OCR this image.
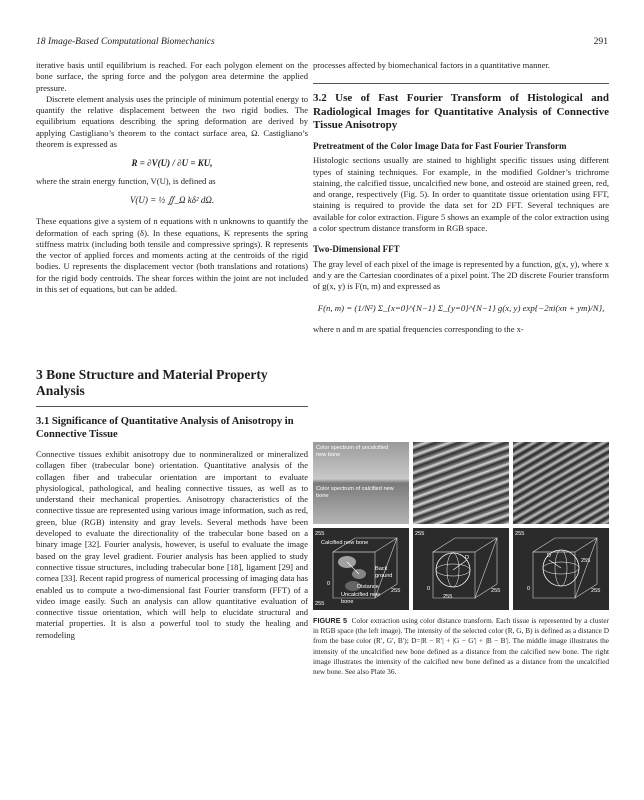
18 Image-Based Computational Biomechanics	291

iterative basis until equilibrium is reached. For each polygon element on the bone surface, the spring force and the polygon area determine the applied pressure.

Discrete element analysis uses the principle of minimum potential energy to quantify the relative displacement between the two rigid bodies. The equilibrium equations describing the spring deformation are derived by applying Castigliano’s theorem to the contact surface area, Ω. Castigliano’s theorem is expressed as

R = ∂V(U) / ∂U = KU,

where the strain energy function, V(U), is defined as

V(U) = ½ ∬_Ω kδ² dΩ.

These equations give a system of n equations with n unknowns to quantify the deformation of each spring (δ). In these equations, K represents the spring stiffness matrix (including both tensile and compressive springs). R represents the vector of applied forces and moments acting at the centroids of the rigid bodies. U represents the displacement vector (both translations and rotations) for the rigid body centroids. The shear forces within the joint are not included in this set of equations, but can be added.

3 Bone Structure and Material Property Analysis
3.1 Significance of Quantitative Analysis of Anisotropy in Connective Tissue

Connective tissues exhibit anisotropy due to nonmineralized or mineralized collagen fiber (trabecular bone) orientation. Quantitative analysis of the collagen fiber and trabecular orientation are important to evaluate physiological, pathological, and healing connective tissues, as well as to understand their mechanical properties. Anisotropy characteristics of the connective tissue are represented using various image information, such as red, green, blue (RGB) intensity and gray levels. Several methods have been developed to evaluate the directionality of the trabecular bone based on a binary image [32]. Fourier analysis, however, is useful to evaluate the image based on the gray level gradient. Fourier analysis has been applied to study connective tissue structures, including trabecular bone [18], ligament [29] and cornea [33]. Recent rapid progress of numerical processing of imaging data has enabled us to compute a two-dimensional fast Fourier transform (FFT) of a video image easily. Such an analysis can allow quantitative evaluation of connective tissue orientation, which will help to elucidate structural and material properties. It is also a powerful tool to study the healing and remodeling

processes affected by biomechanical factors in a quantitative manner.

3.2 Use of Fast Fourier Transform of Histological and Radiological Images for Quantitative Analysis of Connective Tissue Anisotropy
Pretreatment of the Color Image Data for Fast Fourier Transform

Histologic sections usually are stained to highlight specific tissues using different types of staining techniques. For example, in the modified Goldner’s trichrome staining, the calcified tissue, uncalcified new bone, and osteoid are stained green, red, and orange, respectively (Fig. 5). In order to quantitate tissue orientation using FFT, staining is required to provide the data set for 2D FFT. Several techniques are available for color extraction. Figure 5 shows an example of the color extraction using a color spectrum distance transform in RGB space.

Two-Dimensional FFT

The gray level of each pixel of the image is represented by a function, g(x, y), where x and y are the Cartesian coordinates of a pixel point. The 2D discrete Fourier transform of g(x, y) is F(n, m) and expressed as

F(n, m) = (1/N²) Σ_{x=0}^{N−1} Σ_{y=0}^{N−1} g(x, y) exp{−2πi(xn + ym)/N},

where n and m are spatial frequencies corresponding to the x-

Color spectrum of uncalcified new bone
Color spectrum of calcified new bone
255
Calcified new bone
Back ground
0	Distance
Uncalcified new bone
255
255
255
D
0
255
255
255
255
D
0	255
FIGURE 5 Color extraction using color distance transform. Each tissue is represented by a cluster in RGB space (the left image). The intensity of the selected color (R, G, B) is defined as a distance D from the base color (R′, G′, B′); D=|R − R′| + |G − G′| + |B − B′|. The middle image illustrates the intensity of the uncalcified new bone defined as a distance from the calcified new bone. The right image illustrates the intensity of the calcified new bone defined as a distance from the uncalcified new bone. See also Plate 36.
